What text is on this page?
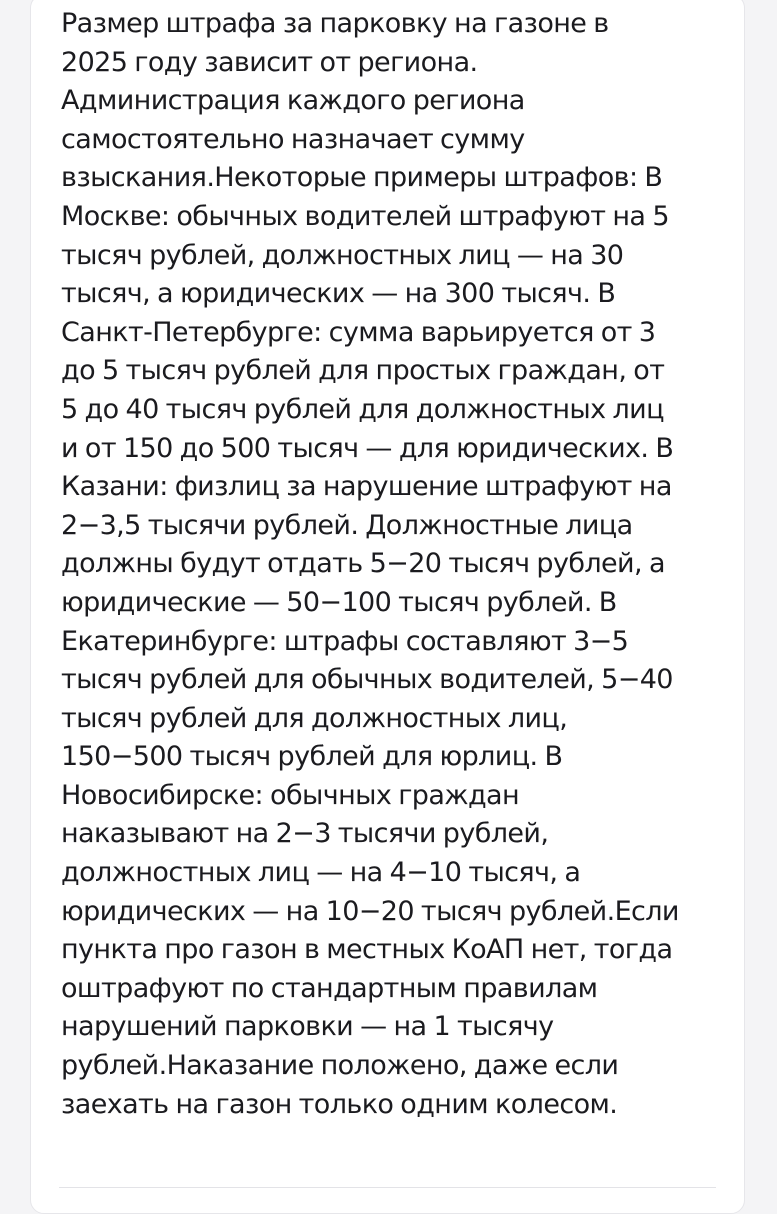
Размер штрафа за парковку на газоне в
2025 году зависит от региона.
Администрация каждого региона
самостоятельно назначает сумму
взыскания.Некоторые примеры штрафов: В
Москве: обычных водителей штрафуют на 5
тысяч рублей, должностных лиц — на 30
тысяч, а юридических — на 300 тысяч. В
Санкт-Петербурге: сумма варьируется от 3
до 5 тысяч рублей для простых граждан, от
5 до 40 тысяч рублей для должностных лиц
и от 150 до 500 тысяч — для юридических. В
Казани: физлиц за нарушение штрафуют на
2−3,5 тысячи рублей. Должностные лица
должны будут отдать 5−20 тысяч рублей, а
юридические — 50−100 тысяч рублей. В
Екатеринбурге: штрафы составляют 3−5
тысяч рублей для обычных водителей, 5−40
тысяч рублей для должностных лиц,
150−500 тысяч рублей для юрлиц. В
Новосибирске: обычных граждан
наказывают на 2−3 тысячи рублей,
должностных лиц — на 4−10 тысяч, а
юридических — на 10−20 тысяч рублей.Если
пункта про газон в местных КоАП нет, тогда
оштрафуют по стандартным правилам
нарушений парковки — на 1 тысячу
рублей.Наказание положено, даже если
заехать на газон только одним колесом.
